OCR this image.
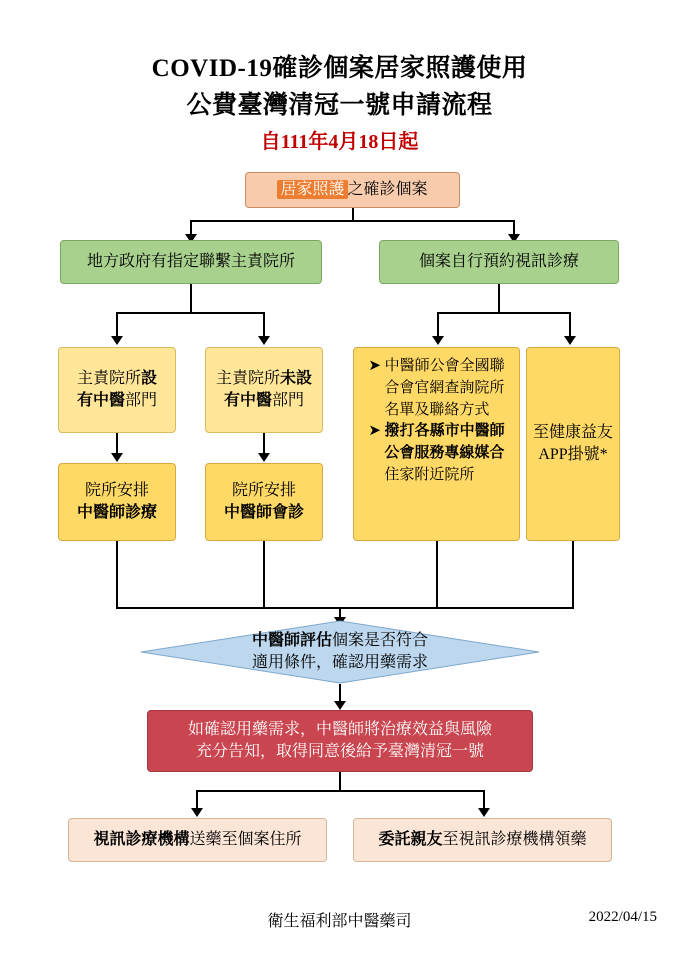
COVID-19確診個案居家照護使用
公費臺灣清冠一號申請流程
自111年4月18日起
居家照護 之確診個案
地方政府有指定聯繫主責院所	個案自行預約視訊診療
主責院所設
有中醫部門
主責院所未設
有中醫部門
➤ 中醫師公會全國聯
合會官網查詢院所
名單及聯絡方式
➤ 撥打各縣市中醫師
公會服務專線媒合
住家附近院所
至健康益友
APP掛號*
院所安排
中醫師診療
院所安排
中醫師會診
中醫師評估個案是否符合
適用條件，確認用藥需求
如確認用藥需求，中醫師將治療效益與風險
充分告知，取得同意後給予臺灣清冠一號
視訊診療機構送藥至個案住所	委託親友至視訊診療機構領藥
衛生福利部中醫藥司	2022/04/15
